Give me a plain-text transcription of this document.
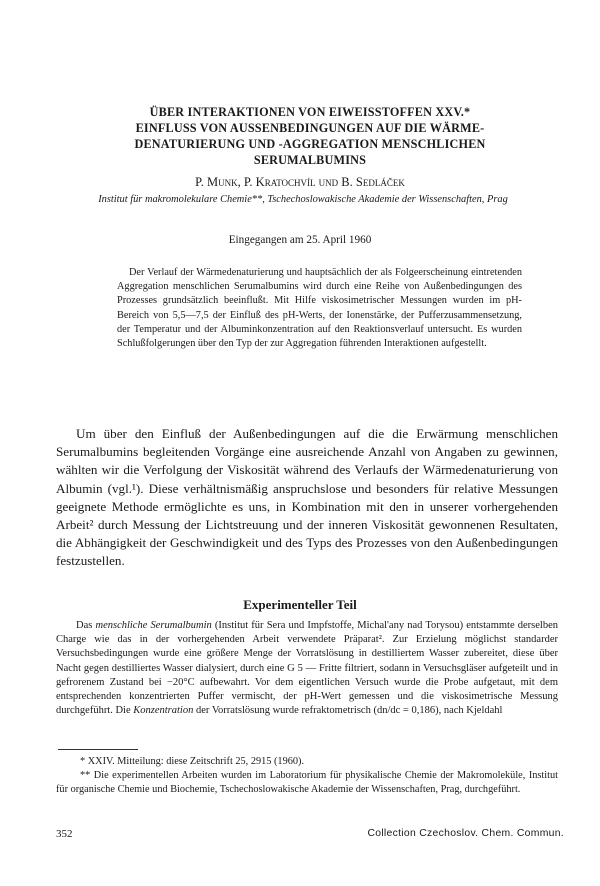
ÜBER INTERAKTIONEN VON EIWEISSTOFFEN XXV.*
EINFLUSS VON AUSSENBEDINGUNGEN AUF DIE WÄRME-
DENATURIERUNG UND -AGGREGATION MENSCHLICHEN
SERUMALBUMINS
P. Munk, P. Kratochvíl und B. Sedláček
Institut für makromolekulare Chemie**, Tschechoslowakische Akademie der Wissenschaften, Prag
Eingegangen am 25. April 1960

Der Verlauf der Wärmedenaturierung und hauptsächlich der als Folgeerscheinung eintretenden Aggregation menschlichen Serumalbumins wird durch eine Reihe von Außenbedingungen des Prozesses grundsätzlich beeinflußt. Mit Hilfe viskosimetrischer Messungen wurden im pH-Bereich von 5,5—7,5 der Einfluß des pH-Werts, der Ionenstärke, der Pufferzusammensetzung, der Temperatur und der Albuminkonzentration auf den Reaktionsverlauf untersucht. Es wurden Schlußfolgerungen über den Typ der zur Aggregation führenden Interaktionen aufgestellt.

Um über den Einfluß der Außenbedingungen auf die die Erwärmung menschlichen Serumalbumins begleitenden Vorgänge eine ausreichende Anzahl von Angaben zu gewinnen, wählten wir die Verfolgung der Viskosität während des Verlaufs der Wärmedenaturierung von Albumin (vgl.¹). Diese verhältnismäßig anspruchslose und besonders für relative Messungen geeignete Methode ermöglichte es uns, in Kombination mit den in unserer vorhergehenden Arbeit² durch Messung der Lichtstreuung und der inneren Viskosität gewonnenen Resultaten, die Abhängigkeit der Geschwindigkeit und des Typs des Prozesses von den Außenbedingungen festzustellen.

Experimenteller Teil

Das menschliche Serumalbumin (Institut für Sera und Impfstoffe, Michal'any nad Torysou) entstammte derselben Charge wie das in der vorhergehenden Arbeit verwendete Präparat². Zur Erzielung möglichst standarder Versuchsbedingungen wurde eine größere Menge der Vorratslösung in destilliertem Wasser zubereitet, diese über Nacht gegen destilliertes Wasser dialysiert, durch eine G 5 — Fritte filtriert, sodann in Versuchsgläser aufgeteilt und in gefrorenem Zustand bei −20°C aufbewahrt. Vor dem eigentlichen Versuch wurde die Probe aufgetaut, mit dem entsprechenden konzentrierten Puffer vermischt, der pH-Wert gemessen und die viskosimetrische Messung durchgeführt. Die Konzentration der Vorratslösung wurde refraktometrisch (dn/dc = 0,186), nach Kjeldahl

* XXIV. Mitteilung: diese Zeitschrift 25, 2915 (1960).

** Die experimentellen Arbeiten wurden im Laboratorium für physikalische Chemie der Makromoleküle, Institut für organische Chemie und Biochemie, Tschechoslowakische Akademie der Wissenschaften, Prag, durchgeführt.

352	Collection Czechoslov. Chem. Commun.
